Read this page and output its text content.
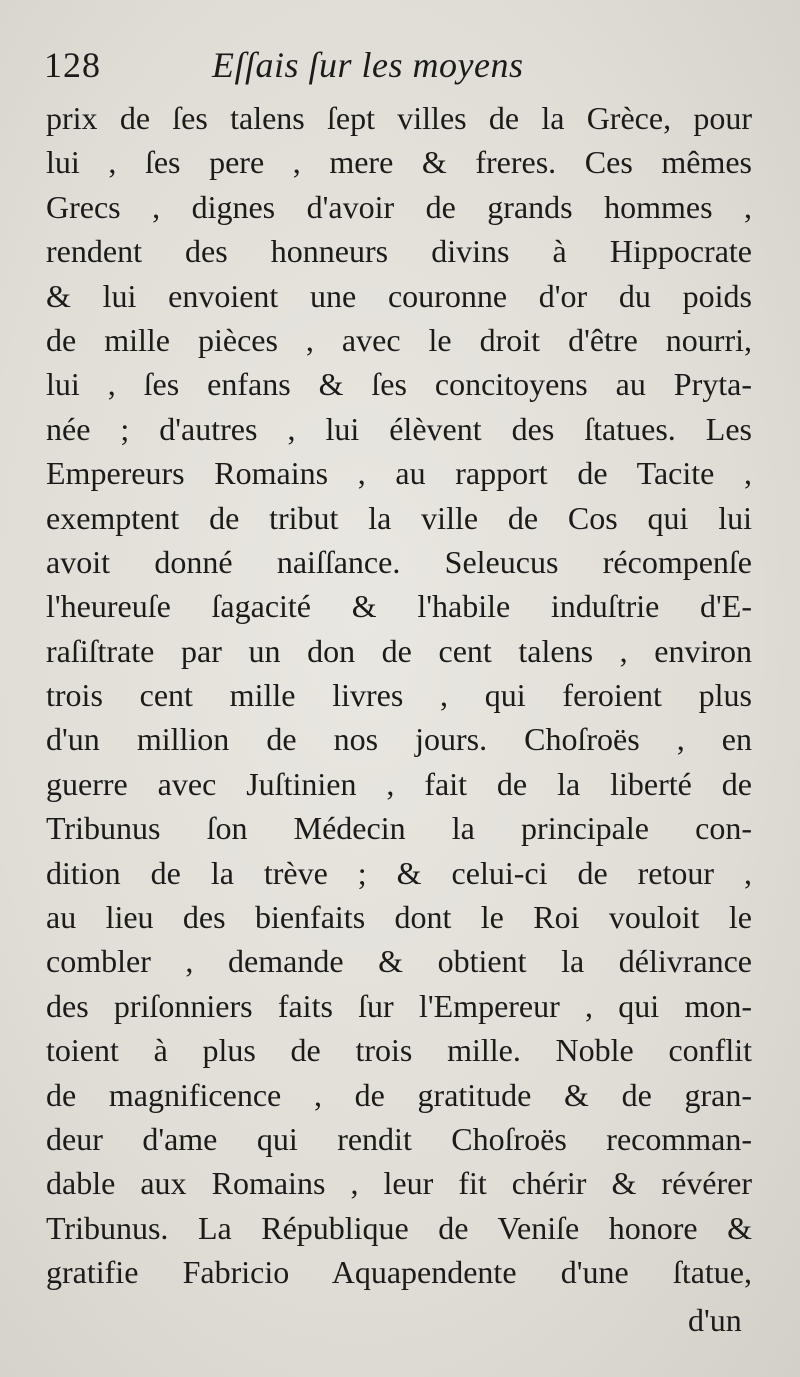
128	Eſſais ſur les moyens
prix de ſes talens ſept villes de la Grèce, pour
lui , ſes pere , mere & freres. Ces mêmes
Grecs , dignes d'avoir de grands hommes ,
rendent des honneurs divins à Hippocrate
& lui envoient une couronne d'or du poids
de mille pièces , avec le droit d'être nourri,
lui , ſes enfans & ſes concitoyens au Pryta-
née ; d'autres , lui élèvent des ſtatues. Les
Empereurs Romains , au rapport de Tacite ,
exemptent de tribut la ville de Cos qui lui
avoit donné naiſſance. Seleucus récompenſe
l'heureuſe ſagacité & l'habile induſtrie d'E-
raſiſtrate par un don de cent talens , environ
trois cent mille livres , qui feroient plus
d'un million de nos jours. Choſroës , en
guerre avec Juſtinien , fait de la liberté de
Tribunus ſon Médecin la principale con-
dition de la trève ; & celui-ci de retour ,
au lieu des bienfaits dont le Roi vouloit le
combler , demande & obtient la délivrance
des priſonniers faits ſur l'Empereur , qui mon-
toient à plus de trois mille. Noble conflit
de magnificence , de gratitude & de gran-
deur d'ame qui rendit Choſroës recomman-
dable aux Romains , leur fit chérir & révérer
Tribunus. La République de Veniſe honore &
gratifie Fabricio Aquapendente d'une ſtatue,
d'un
